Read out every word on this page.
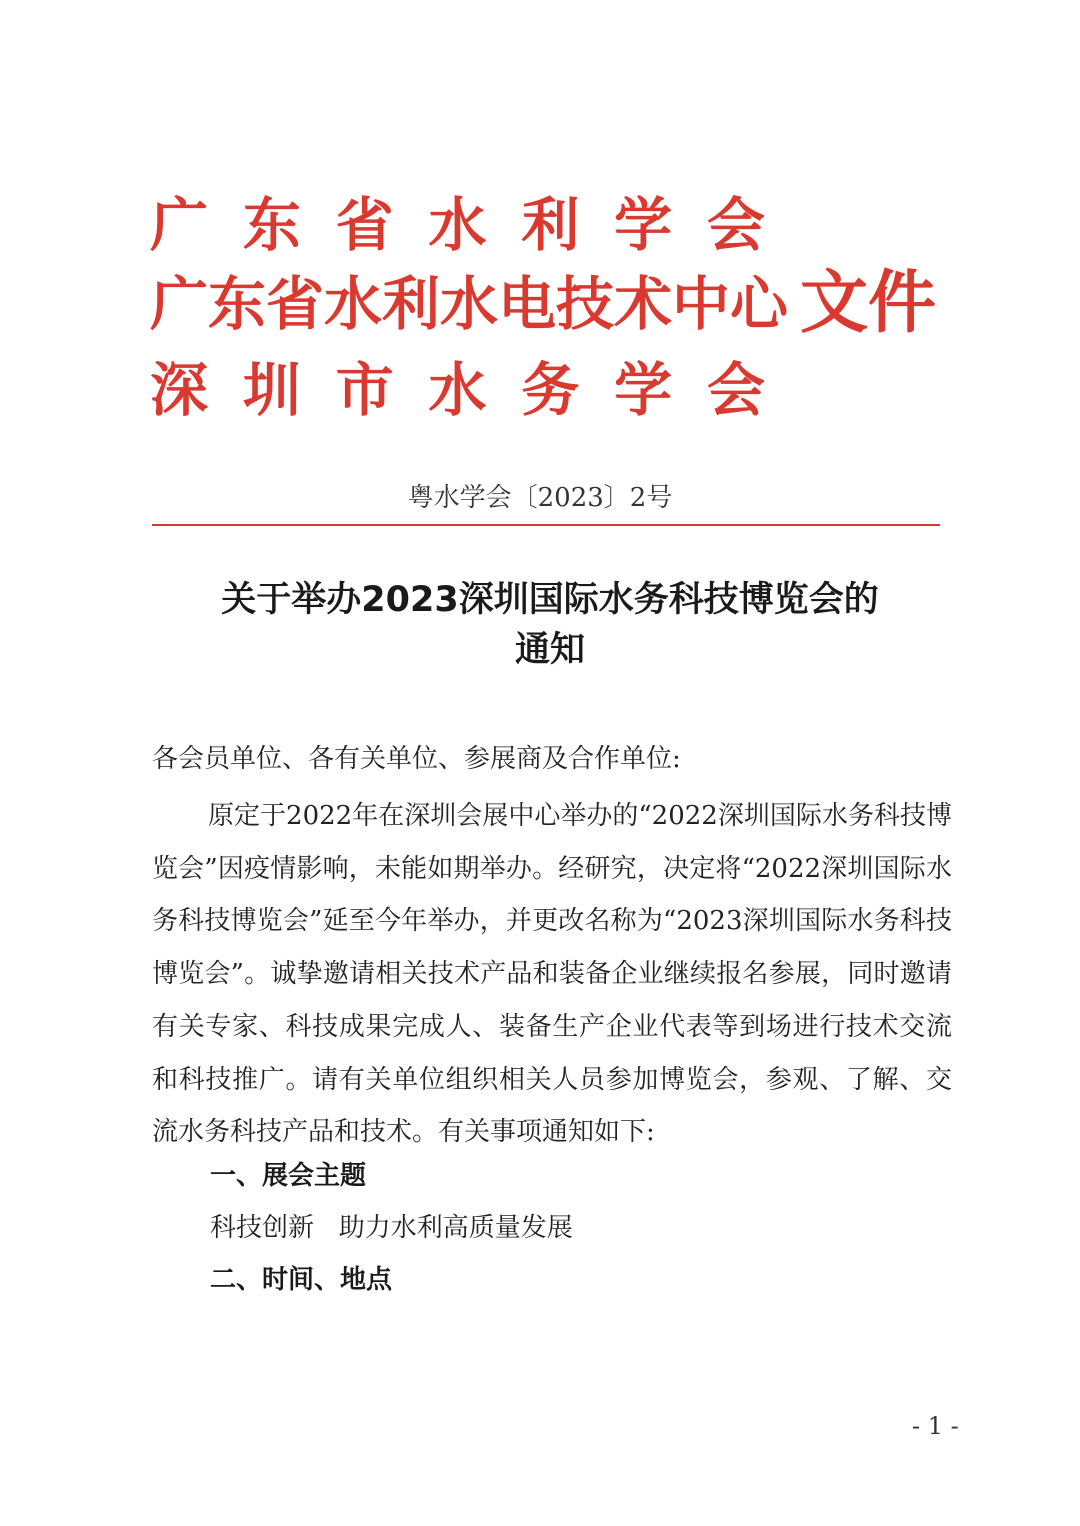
广 东 省 水 利 学 会
广东省水利水电技术中心
深 圳 市 水 务 学 会
文件
粤水学会〔2023〕2号
关于举办2023深圳国际水务科技博览会的
通知
各会员单位、各有关单位、参展商及合作单位:
原定于2022年在深圳会展中心举办的“2022深圳国际水务科技博览会”因疫情影响，未能如期举办。经研究，决定将“2022深圳国际水务科技博览会”延至今年举办，并更改名称为“2023深圳国际水务科技博览会”。诚挚邀请相关技术产品和装备企业继续报名参展，同时邀请有关专家、科技成果完成人、装备生产企业代表等到场进行技术交流和科技推广。请有关单位组织相关人员参加博览会，参观、了解、交流水务科技产品和技术。有关事项通知如下:
一、展会主题
科技创新   助力水利高质量发展
二、时间、地点
- 1 -
